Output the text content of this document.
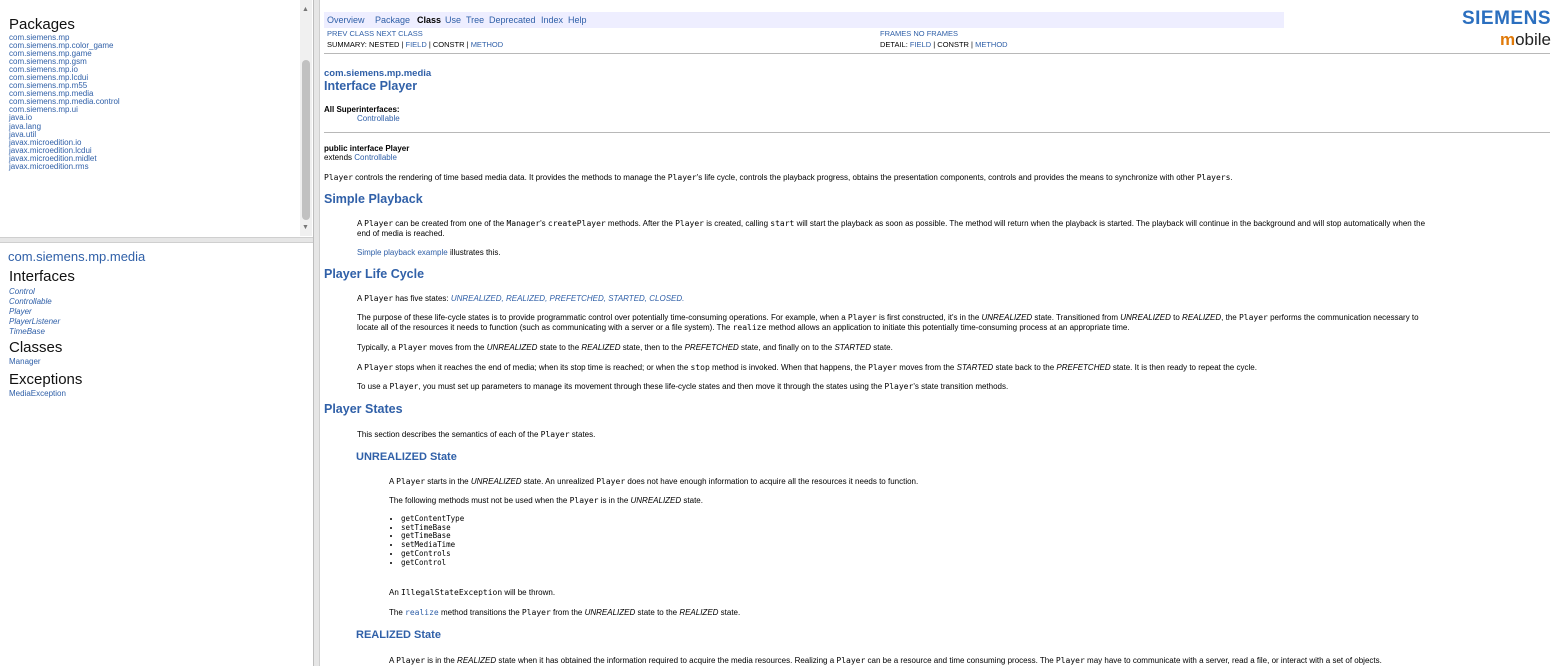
Packages
com.siemens.mp
com.siemens.mp.color_game
com.siemens.mp.game
com.siemens.mp.gsm
com.siemens.mp.io
com.siemens.mp.lcdui
com.siemens.mp.m55
com.siemens.mp.media
com.siemens.mp.media.control
com.siemens.mp.ui
java.io
java.lang
java.util
javax.microedition.io
javax.microedition.lcdui
javax.microedition.midlet
javax.microedition.rms
▲
▼
com.siemens.mp.media
Interfaces
Control
Controllable
Player
PlayerListener
TimeBase
Classes
Manager
Exceptions
MediaException
Overview Package Class Use Tree Deprecated Index Help
PREV CLASS NEXT CLASS
SUMMARY: NESTED | FIELD | CONSTR | METHOD
FRAMES NO FRAMES
DETAIL: FIELD | CONSTR | METHOD
SIEMENS
mobile
com.siemens.mp.media
Interface Player
All Superinterfaces:
Controllable
public interface Player
extends Controllable
Player controls the rendering of time based media data. It provides the methods to manage the Player's life cycle, controls the playback progress, obtains the presentation components, controls and provides the means to synchronize with other Players.
Simple Playback
A Player can be created from one of the Manager's createPlayer methods. After the Player is created, calling start will start the playback as soon as possible. The method will return when the playback is started. The playback will continue in the background and will stop automatically when the
end of media is reached.
Simple playback example illustrates this.
Player Life Cycle
A Player has five states: UNREALIZED, REALIZED, PREFETCHED, STARTED, CLOSED.
The purpose of these life-cycle states is to provide programmatic control over potentially time-consuming operations. For example, when a Player is first constructed, it's in the UNREALIZED state. Transitioned from UNREALIZED to REALIZED, the Player performs the communication necessary to
locate all of the resources it needs to function (such as communicating with a server or a file system). The realize method allows an application to initiate this potentially time-consuming process at an appropriate time.
Typically, a Player moves from the UNREALIZED state to the REALIZED state, then to the PREFETCHED state, and finally on to the STARTED state.
A Player stops when it reaches the end of media; when its stop time is reached; or when the stop method is invoked. When that happens, the Player moves from the STARTED state back to the PREFETCHED state. It is then ready to repeat the cycle.
To use a Player, you must set up parameters to manage its movement through these life-cycle states and then move it through the states using the Player's state transition methods.
Player States
This section describes the semantics of each of the Player states.
UNREALIZED State
A Player starts in the UNREALIZED state. An unrealized Player does not have enough information to acquire all the resources it needs to function.
The following methods must not be used when the Player is in the UNREALIZED state.
• getContentType
• setTimeBase
• getTimeBase
• setMediaTime
• getControls
• getControl
An IllegalStateException will be thrown.
The realize method transitions the Player from the UNREALIZED state to the REALIZED state.
REALIZED State
A Player is in the REALIZED state when it has obtained the information required to acquire the media resources. Realizing a Player can be a resource and time consuming process. The Player may have to communicate with a server, read a file, or interact with a set of objects.
